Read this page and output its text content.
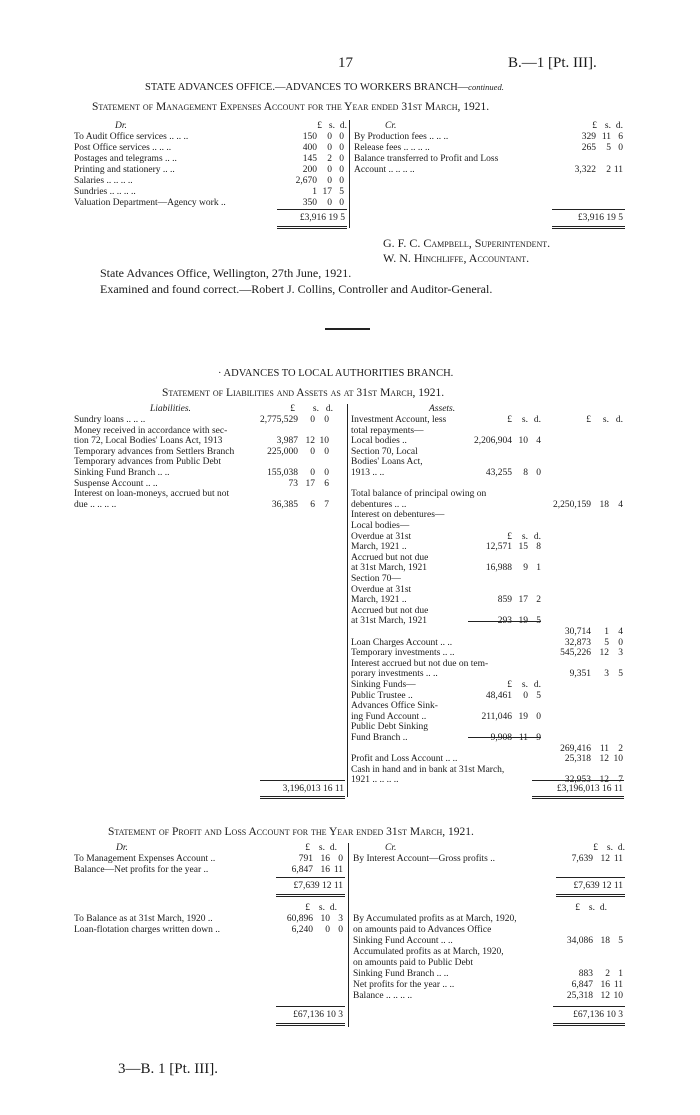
17	B.—1 [Pt. III].
STATE ADVANCES OFFICE.—ADVANCES TO WORKERS BRANCH—continued.
Statement of Management Expenses Account for the Year ended 31st March, 1921.
Dr.	Cr.
£ s. d.
To Audit Office services .. .. ..	150	0 0
Post Office services .. .. ..	400	0 0
Postages and telegrams .. ..	145	2 0
Printing and stationery .. ..	200	0 0
Salaries .. .. .. ..	2,670	0 0
Sundries .. .. .. ..	1 17 5
Valuation Department—Agency work ..	350	0 0
£ s. d.
By Production fees .. .. ..	329 11 6
Release fees .. .. .. ..	265	5 0
Balance transferred to Profit and Loss
Account .. .. .. ..	3,322	2 11
£3,916 19 5	£3,916 19 5
G. F. C. Campbell, Superintendent.
W. N. Hinchliffe, Accountant.
State Advances Office, Wellington, 27th June, 1921.
Examined and found correct.—Robert J. Collins, Controller and Auditor-General.
· ADVANCES TO LOCAL AUTHORITIES BRANCH.
Statement of Liabilities and Assets as at 31st March, 1921.
Liabilities.	Assets.
£	s. d.
Sundry loans .. .. ..	2,775,529	0 0
Money received in accordance with sec-
tion 72, Local Bodies' Loans Act, 1913	3,987 12 10
Temporary advances from Settlers Branch	225,000	0 0
Temporary advances from Public Debt
Sinking Fund Branch .. ..	155,038	0 0
Suspense Account .. ..	73 17 6
Interest on loan-moneys, accrued but not
due .. .. .. ..	36,385	6 7
Investment Account, less	£	s. d.	£	s. d.
total repayments—
Local bodies ..	2,206,904 10 4
Section 70, Local
Bodies' Loans Act,
1913 .. ..	43,255	8 0
Total balance of principal owing on
debentures .. ..	2,250,159 18 4
Interest on debentures—
Local bodies—
Overdue at 31st	£	s. d.
March, 1921 ..	12,571 15 8
Accrued but not due
at 31st March, 1921	16,988	9 1
Section 70—
Overdue at 31st
March, 1921 ..	859 17 2
Accrued but not due
at 31st March, 1921	293 19 5
30,714	1 4
Loan Charges Account .. ..	32,873	5 0
Temporary investments .. ..	545,226 12 3
Interest accrued but not due on tem-
porary investments .. ..	9,351	3 5
Sinking Funds—	£	s. d.
Public Trustee ..	48,461	0 5
Advances Office Sink-
ing Fund Account ..	211,046 19 0
Public Debt Sinking
Fund Branch ..	9,908 11 9
269,416 11 2
Profit and Loss Account .. ..	25,318 12 10
Cash in hand and in bank at 31st March,
1921 .. .. .. ..	32,953 12 7
3,196,013 16 11	£3,196,013 16 11
Statement of Profit and Loss Account for the Year ended 31st March, 1921.
Dr.	Cr.
£ s. d.
To Management Expenses Account ..	791 16 0
Balance—Net profits for the year ..	6,847 16 11
£ s. d.
By Interest Account—Gross profits ..	7,639 12 11
£7,639 12 11	£7,639 12 11
£ s. d.
To Balance as at 31st March, 1920 ..	60,896 10 3
Loan-flotation charges written down ..	6,240	0 0
£ s. d.
By Accumulated profits as at March, 1920,
on amounts paid to Advances Office
Sinking Fund Account .. ..	34,086 18 5
Accumulated profits as at March, 1920,
on amounts paid to Public Debt
Sinking Fund Branch .. ..	883	2 1
Net profits for the year .. ..	6,847 16 11
Balance .. .. .. ..	25,318 12 10
£67,136 10 3	£67,136 10 3
3—B. 1 [Pt. III].
